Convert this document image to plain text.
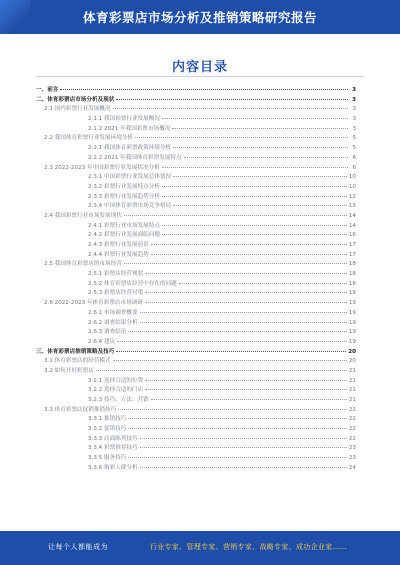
体育彩票店市场分析及推销策略研究报告
内容目录
一、前言	3
二、体育彩票店市场分析及现状	3
2.1 国内彩票行业发展概况	3
2.1.1 我国彩票行业发展概况	3
2.1.2 2021 年我国彩票市场概况	3
2.2 我国体育彩票行业发展环境分析	5
2.2.1 我国体育彩票政策环境分析	5
2.2.2 2021 年我国体育彩票发展特点	6
2.3 2022-2023 年中国彩票行业发展状况分析	6
2.3.1 中国彩票行业发展总体情况	10
2.3.2 彩票行业发展特点分析	10
2.3.3 彩票行业发展趋势分析	12
2.3.4 中国体育彩票市场竞争格局	13
2.4 我国彩票行业市场发展现状	14
2.4.1 彩票行业市场发展特点	14
2.4.2 彩票行业发展面临问题	16
2.4.3 彩票行业发展前景	17
2.4.4 彩票行业发展趋势	17
2.5 我国体育彩票店的市场经营	18
2.5.1 彩票店经营现状	18
2.5.2 体育彩票店经营中存在的问题	18
2.5.3 彩票店经营对策	19
2.6 2022-2023 年体育彩票店市场调研	19
2.6.1 市场调查概要	19
2.6.2 调查结果分析	19
2.6.3 调查结论	19
2.6.4 建议	19
三、体育彩票店推销策略及技巧	20
3.1 体育彩票店的经营模式	20
3.2 如何开好彩票店	21
3.2.1 选择合适的位置	21
3.2.2 选择合适的门店	21
3.2.3 技巧、方法、营销	21
3.3 体育彩票店促销推销技巧	22
3.3.1 推销技巧	22
3.3.2 促销技巧	22
3.3.3 店面陈列技巧	22
3.3.4 彩票推荐技巧	23
3.3.5 服务技巧	23
3.3.6 购彩人群分析	24
让每个人都能成为	行业专家、管理专家、营销专家、战略专家、成功企业家……
